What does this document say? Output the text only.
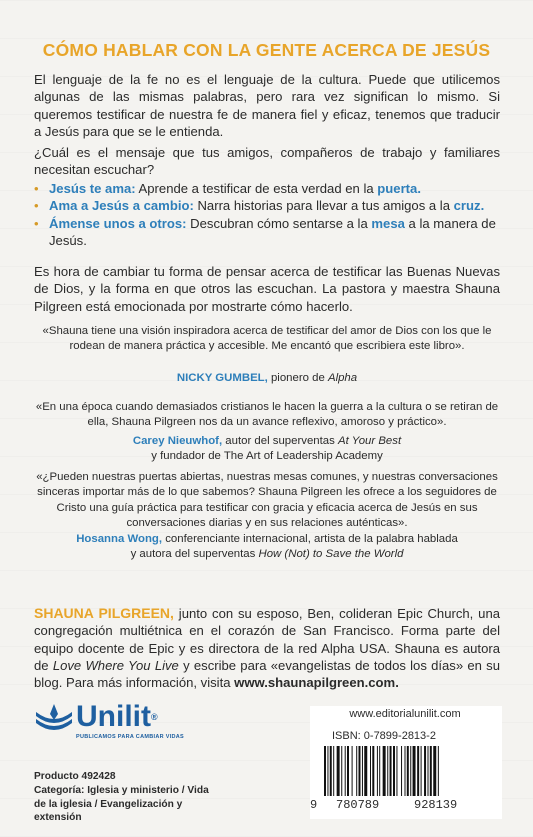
CÓMO HABLAR CON LA GENTE ACERCA DE JESÚS
El lenguaje de la fe no es el lenguaje de la cultura. Puede que utilicemos algunas de las mismas palabras, pero rara vez significan lo mismo. Si queremos testificar de nuestra fe de manera fiel y eficaz, tenemos que traducir a Jesús para que se le entienda.
¿Cuál es el mensaje que tus amigos, compañeros de trabajo y familiares necesitan escuchar?
• Jesús te ama: Aprende a testificar de esta verdad en la puerta.
• Ama a Jesús a cambio: Narra historias para llevar a tus amigos a la cruz.
• Ámense unos a otros: Descubran cómo sentarse a la mesa a la manera de Jesús.
Es hora de cambiar tu forma de pensar acerca de testificar las Buenas Nuevas de Dios, y la forma en que otros las escuchan. La pastora y maestra Shauna Pilgreen está emocionada por mostrarte cómo hacerlo.
«Shauna tiene una visión inspiradora acerca de testificar del amor de Dios con los que le rodean de manera práctica y accesible. Me encantó que escribiera este libro».
NICKY GUMBEL, pionero de Alpha
«En una época cuando demasiados cristianos le hacen la guerra a la cultura o se retiran de ella, Shauna Pilgreen nos da un avance reflexivo, amoroso y práctico».
Carey Nieuwhof, autor del superventas At Your Best
y fundador de The Art of Leadership Academy
«¿Pueden nuestras puertas abiertas, nuestras mesas comunes, y nuestras conversaciones sinceras importar más de lo que sabemos? Shauna Pilgreen les ofrece a los seguidores de Cristo una guía práctica para testificar con gracia y eficacia acerca de Jesús en sus conversaciones diarias y en sus relaciones auténticas».
Hosanna Wong, conferenciante internacional, artista de la palabra hablada
y autora del superventas How (Not) to Save the World
SHAUNA PILGREEN, junto con su esposo, Ben, colideran Epic Church, una congregación multiétnica en el corazón de San Francisco. Forma parte del equipo docente de Epic y es directora de la red Alpha USA. Shauna es autora de Love Where You Live y escribe para «evangelistas de todos los días» en su blog. Para más información, visita www.shaunapilgreen.com.
Unilit®
PUBLICAMOS PARA CAMBIAR VIDAS
Producto 492428
Categoría: Iglesia y ministerio / Vida de la iglesia / Evangelización y extensión
www.editorialunilit.com
ISBN: 0-7899-2813-2
9 780789	928139
